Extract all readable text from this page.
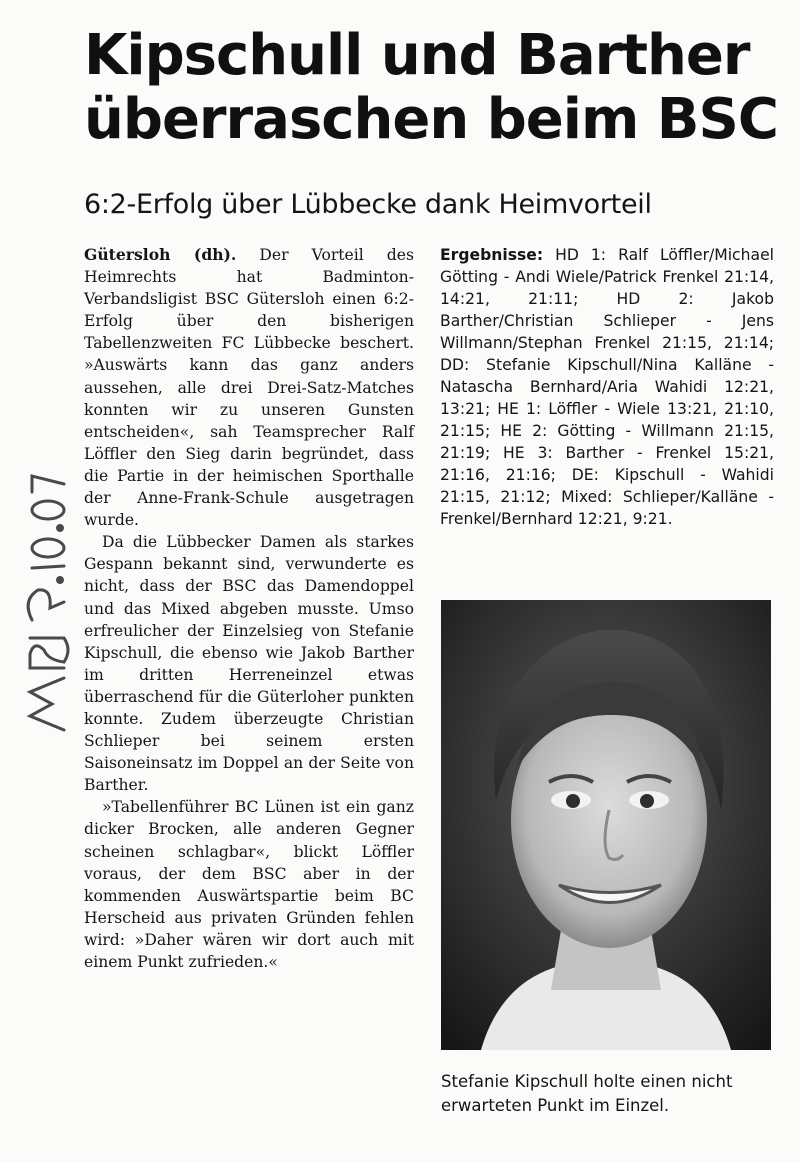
Kipschull und Barther
überraschen beim BSC
6:2-Erfolg über Lübbecke dank Heimvorteil

Gütersloh (dh). Der Vorteil des Heimrechts hat Badminton-Verbandsligist BSC Gütersloh einen 6:2-Erfolg über den bisherigen Tabellenzweiten FC Lübbecke beschert. »Auswärts kann das ganz anders aussehen, alle drei Drei-Satz-Matches konnten wir zu unseren Gunsten entscheiden«, sah Teamsprecher Ralf Löffler den Sieg darin begründet, dass die Partie in der heimischen Sporthalle der Anne-Frank-Schule ausgetragen wurde.

Da die Lübbecker Damen als starkes Gespann bekannt sind, verwunderte es nicht, dass der BSC das Damendoppel und das Mixed abgeben musste. Umso erfreulicher der Einzelsieg von Stefanie Kipschull, die ebenso wie Jakob Barther im dritten Herreneinzel etwas überraschend für die Güterloher punkten konnte. Zudem überzeugte Christian Schlieper bei seinem ersten Saisoneinsatz im Doppel an der Seite von Barther.

»Tabellenführer BC Lünen ist ein ganz dicker Brocken, alle anderen Gegner scheinen schlagbar«, blickt Löffler voraus, der dem BSC aber in der kommenden Auswärtspartie beim BC Herscheid aus privaten Gründen fehlen wird: »Daher wären wir dort auch mit einem Punkt zufrieden.«

Ergebnisse: HD 1: Ralf Löffler/Michael Götting - Andi Wiele/Patrick Frenkel 21:14, 14:21, 21:11; HD 2: Jakob Barther/Christian Schlieper - Jens Willmann/Stephan Frenkel 21:15, 21:14; DD: Stefanie Kipschull/Nina Kalläne - Natascha Bernhard/Aria Wahidi 12:21, 13:21; HE 1: Löffler - Wiele 13:21, 21:10, 21:15; HE 2: Götting - Willmann 21:15, 21:19; HE 3: Barther - Frenkel 15:21, 21:16, 21:16; DE: Kipschull - Wahidi 21:15, 21:12; Mixed: Schlieper/Kalläne - Frenkel/Bernhard 12:21, 9:21.
Stefanie Kipschull holte einen nicht erwarteten Punkt im Einzel.
